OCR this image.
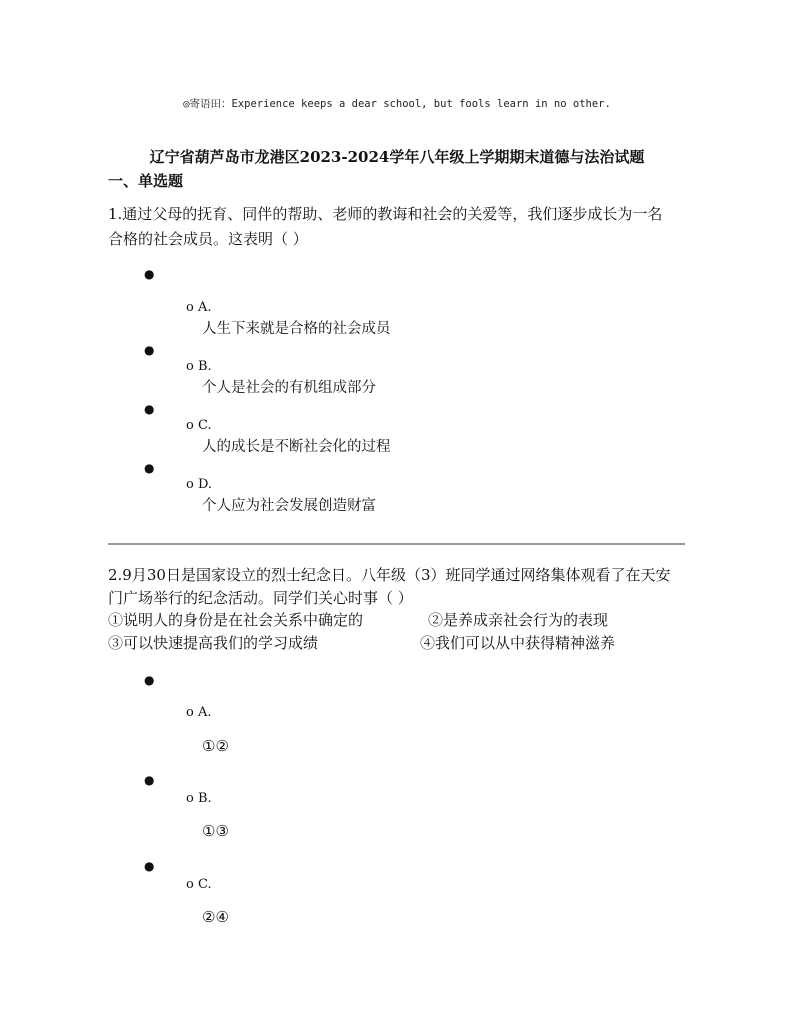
◎寄语田：Experience keeps a dear school, but fools learn in no other.
辽宁省葫芦岛市龙港区2023-2024学年八年级上学期期末道德与法治试题
一、单选题
1.通过父母的抚育、同伴的帮助、老师的教诲和社会的关爱等，我们逐步成长为一名
合格的社会成员。这表明（ ）
●
o A.
人生下来就是合格的社会成员
●
o B.
个人是社会的有机组成部分
●
o C.
人的成长是不断社会化的过程
●
o D.
个人应为社会发展创造财富
2.9月30日是国家设立的烈士纪念日。八年级（3）班同学通过网络集体观看了在天安
门广场举行的纪念活动。同学们关心时事（ ）
①说明人的身份是在社会关系中确定的	②是养成亲社会行为的表现
③可以快速提高我们的学习成绩	④我们可以从中获得精神滋养
●
o A.
①②
●
o B.
①③
●
o C.
②④
